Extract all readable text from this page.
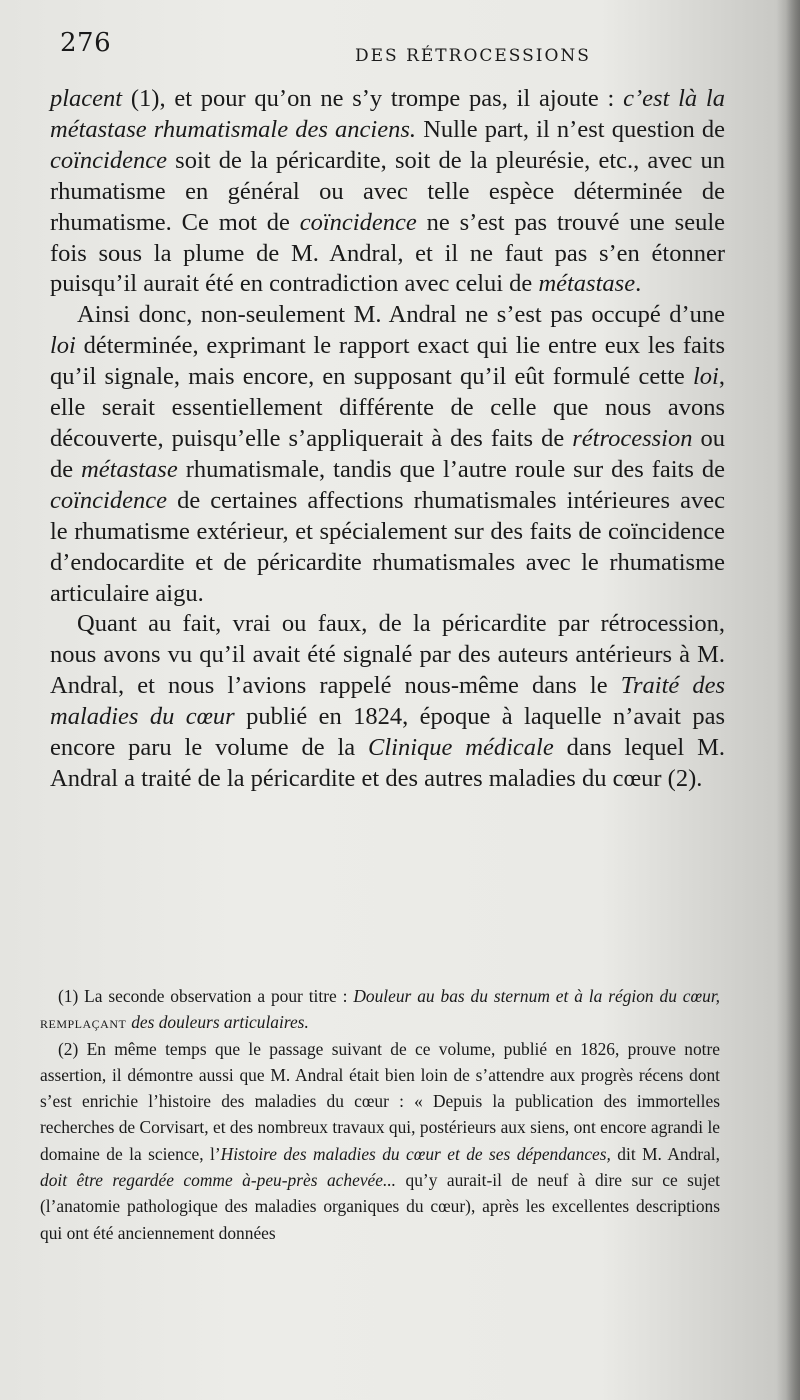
276	DES RÉTROCESSIONS

placent (1), et pour qu’on ne s’y trompe pas, il ajoute : c’est là la métastase rhumatismale des anciens. Nulle part, il n’est question de coïncidence soit de la péricardite, soit de la pleurésie, etc., avec un rhumatisme en général ou avec telle espèce déterminée de rhumatisme. Ce mot de coïncidence ne s’est pas trouvé une seule fois sous la plume de M. Andral, et il ne faut pas s’en étonner puisqu’il aurait été en contradiction avec celui de métastase.

Ainsi donc, non-seulement M. Andral ne s’est pas occupé d’une loi déterminée, exprimant le rapport exact qui lie entre eux les faits qu’il signale, mais encore, en supposant qu’il eût formulé cette loi, elle serait essentiellement différente de celle que nous avons découverte, puisqu’elle s’appliquerait à des faits de rétrocession ou de métastase rhumatismale, tandis que l’autre roule sur des faits de coïncidence de certaines affections rhumatismales intérieures avec le rhumatisme extérieur, et spécialement sur des faits de coïncidence d’endocardite et de péricardite rhumatismales avec le rhumatisme articulaire aigu.

Quant au fait, vrai ou faux, de la péricardite par rétrocession, nous avons vu qu’il avait été signalé par des auteurs antérieurs à M. Andral, et nous l’avions rappelé nous-même dans le Traité des maladies du cœur publié en 1824, époque à laquelle n’avait pas encore paru le volume de la Clinique médicale dans lequel M. Andral a traité de la péricardite et des autres maladies du cœur (2).

(1) La seconde observation a pour titre : Douleur au bas du sternum et à la région du cœur, remplaçant des douleurs articulaires.

(2) En même temps que le passage suivant de ce volume, publié en 1826, prouve notre assertion, il démontre aussi que M. Andral était bien loin de s’attendre aux progrès récens dont s’est enrichie l’histoire des maladies du cœur : « Depuis la publication des immortelles recherches de Corvisart, et des nombreux travaux qui, postérieurs aux siens, ont encore agrandi le domaine de la science, l’Histoire des maladies du cœur et de ses dépendances, dit M. Andral, doit être regardée comme à-peu-près achevée... qu’y aurait-il de neuf à dire sur ce sujet (l’anatomie pathologique des maladies organiques du cœur), après les excellentes descriptions qui ont été anciennement données
